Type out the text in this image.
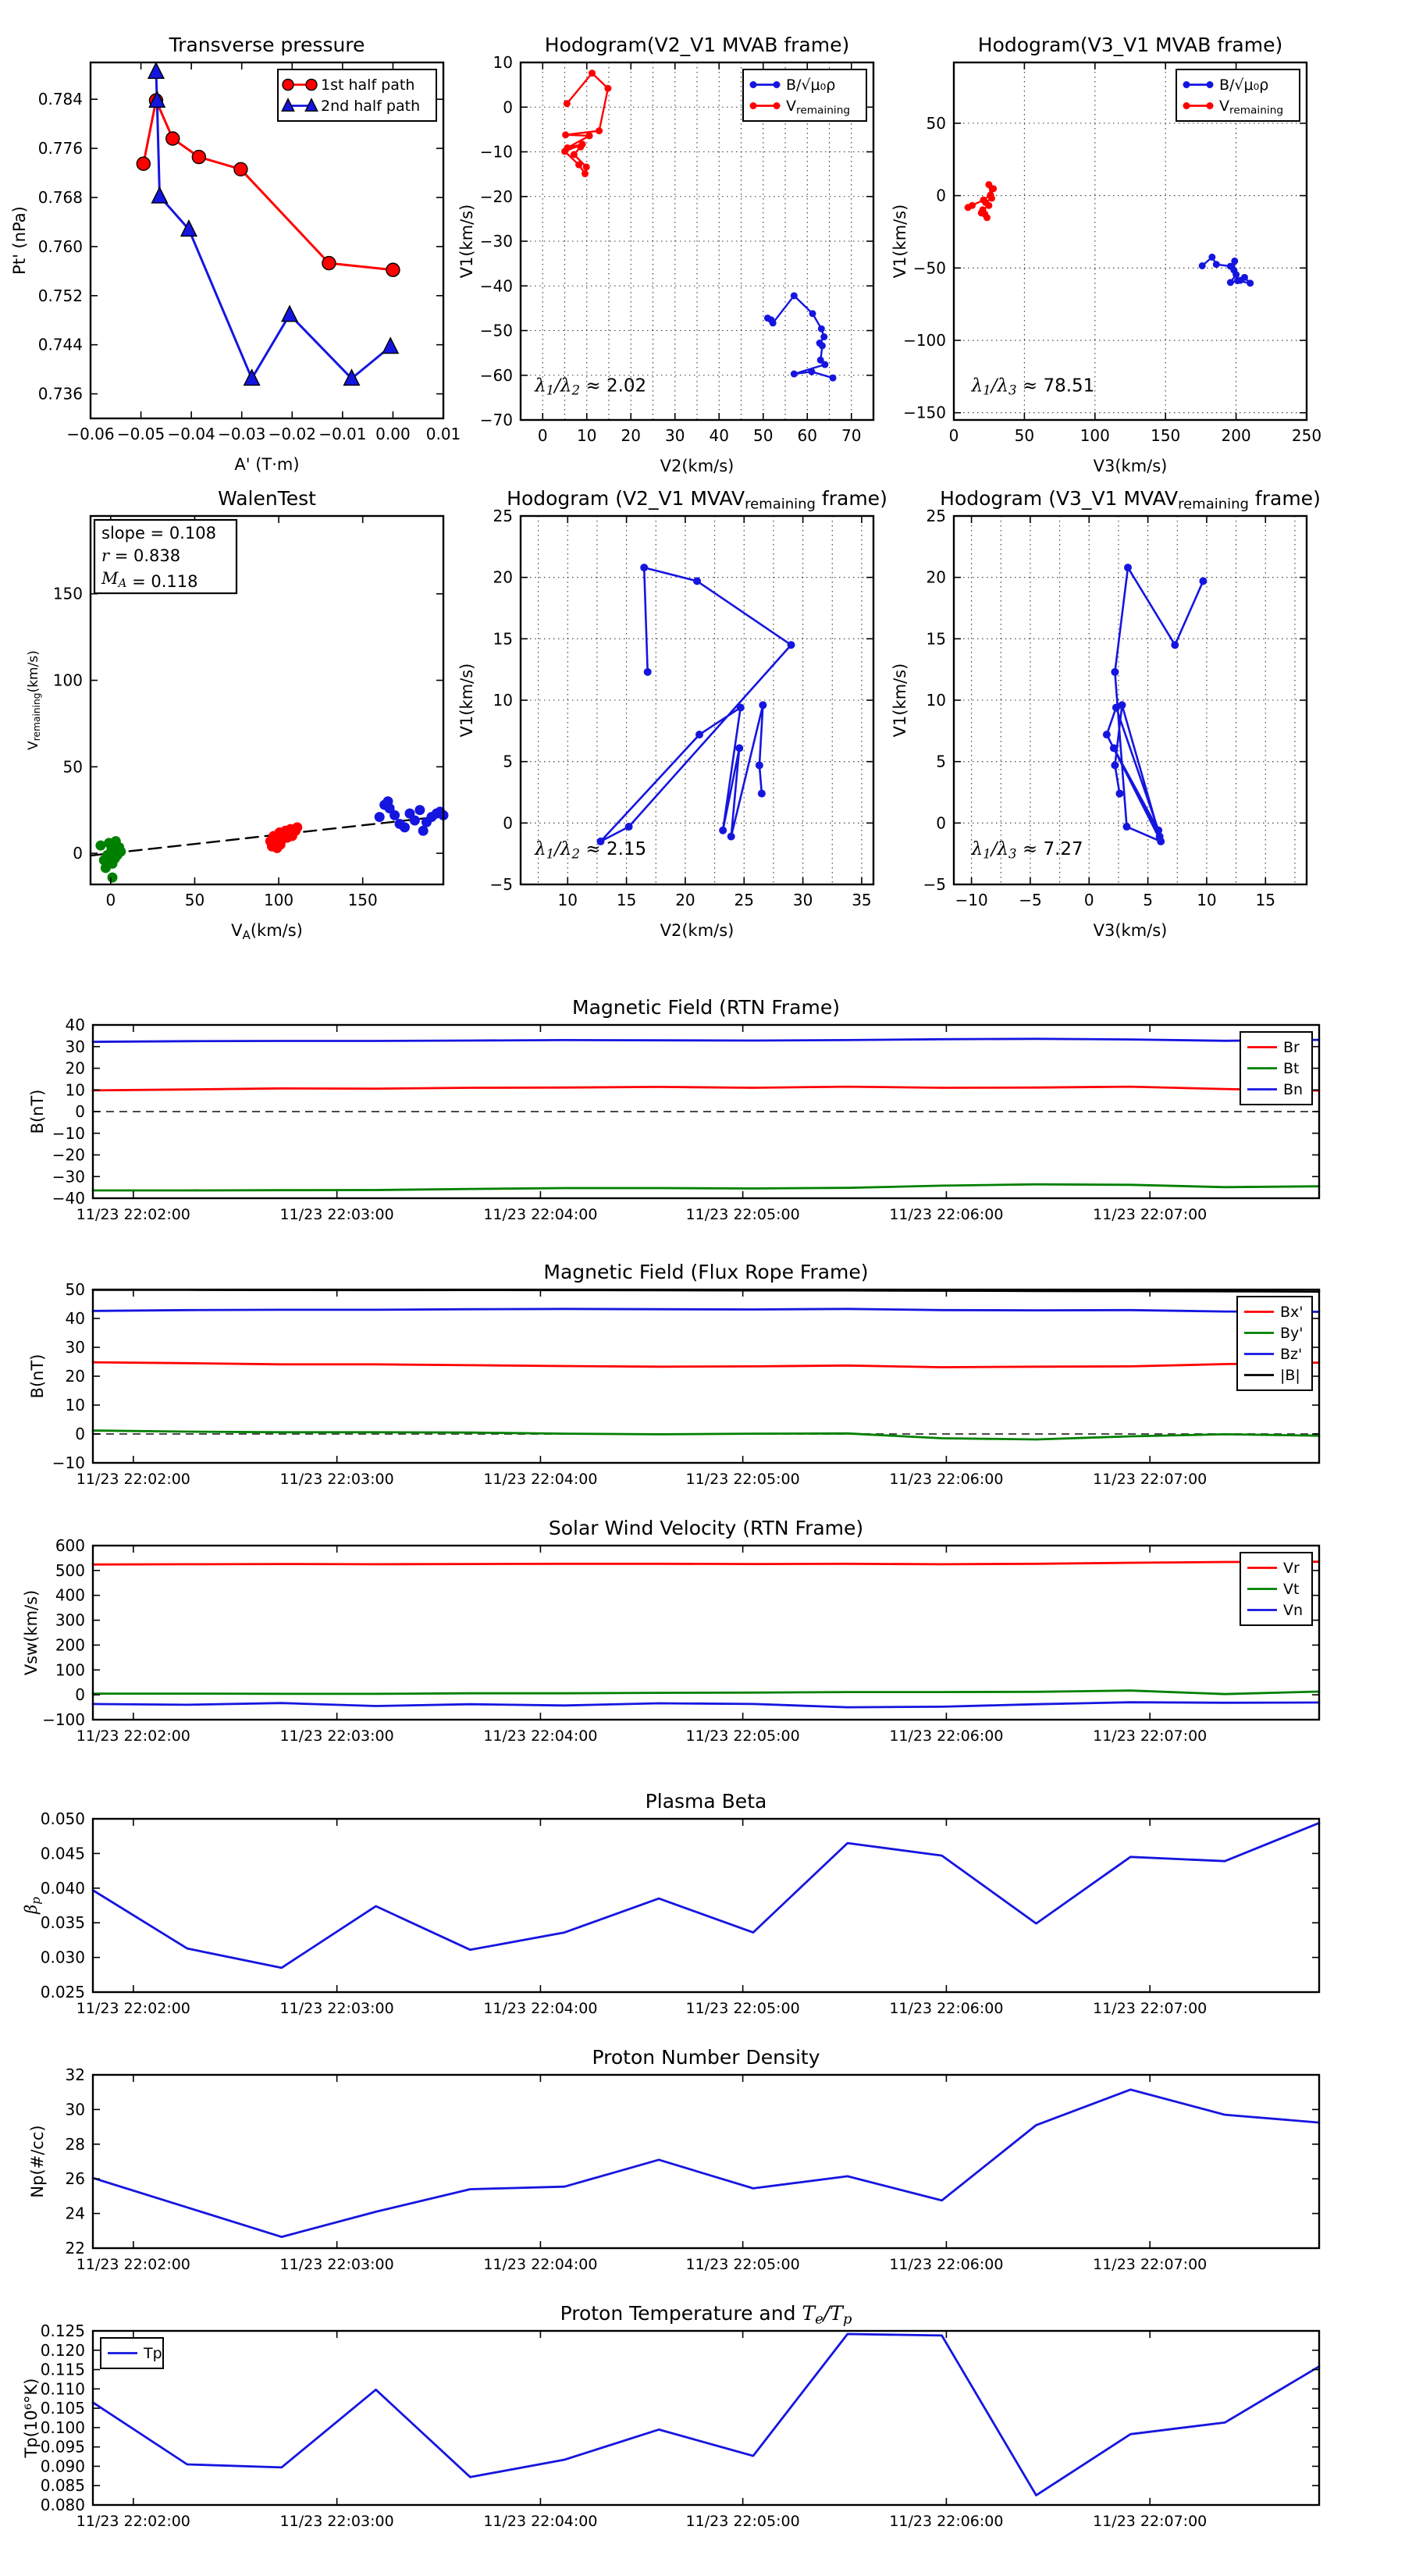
−0.06 −0.05 −0.04 −0.03 −0.02 −0.01 0.00 0.01
0.736
0.744
0.752
0.760
0.768
0.776
0.784
Transverse pressure
A' (T·m)
Pt' (nPa)
1st half path
2nd half path
0 10 20 30 40 50 60 70
10
0
−10
−20
−30
−40
−50
−60
−70
Hodogram(V2_V1 MVAB frame)
V2(km/s)
V1(km/s)
B/√μ₀ρ
Vremaining
λ1/λ2 ≈ 2.02
0	50	100	150	200	250
50
0
−50
−100
−150
Hodogram(V3_V1 MVAB frame)
V3(km/s)
V1(km/s)
B/√μ₀ρ
Vremaining
λ1/λ3 ≈ 78.51
0	50	100	150
0
50
100
150
WalenTest
VA(km/s)
Vremaining(km/s)
slope = 0.108
r = 0.838
MA = 0.118
10 15 20 25 30 35
−5
0
5
10
15
20
25
Hodogram (V2_V1 MVAVremaining frame)
V2(km/s)
V1(km/s)
λ1/λ2 ≈ 2.15
−10 −5	0	5	10 15
−5
0
5
10
15
20
25
Hodogram (V3_V1 MVAVremaining frame)
V3(km/s)
V1(km/s)
λ1/λ3 ≈ 7.27
11/23 22:02:00	11/23 22:03:00	11/23 22:04:00	11/23 22:05:00	11/23 22:06:00	11/23 22:07:00
40
30
20
10
0
−10
−20
−30
−40
Magnetic Field (RTN Frame)
B(nT)
Br
Bt
Bn
11/23 22:02:00	11/23 22:03:00	11/23 22:04:00	11/23 22:05:00	11/23 22:06:00	11/23 22:07:00
50
40
30
20
10
0
−10
Magnetic Field (Flux Rope Frame)
B(nT)
Bx'
By'
Bz'
|B|
11/23 22:02:00	11/23 22:03:00	11/23 22:04:00	11/23 22:05:00	11/23 22:06:00	11/23 22:07:00
600
500
400
300
200
100
0
−100
Solar Wind Velocity (RTN Frame)
Vsw(km/s)
Vr
Vt
Vn
11/23 22:02:00	11/23 22:03:00	11/23 22:04:00	11/23 22:05:00	11/23 22:06:00	11/23 22:07:00
0.050
0.045
0.040
0.035
0.030
0.025
Plasma Beta
βp
11/23 22:02:00	11/23 22:03:00	11/23 22:04:00	11/23 22:05:00	11/23 22:06:00	11/23 22:07:00
32
30
28
26
24
22
Proton Number Density
Np(#/cc)
11/23 22:02:00	11/23 22:03:00	11/23 22:04:00	11/23 22:05:00	11/23 22:06:00	11/23 22:07:00
0.125
0.120
0.115
0.110
0.105
0.100
0.095
0.090
0.085
0.080
Proton Temperature and Te/Tp
Tp(10⁶°K)
Tp
